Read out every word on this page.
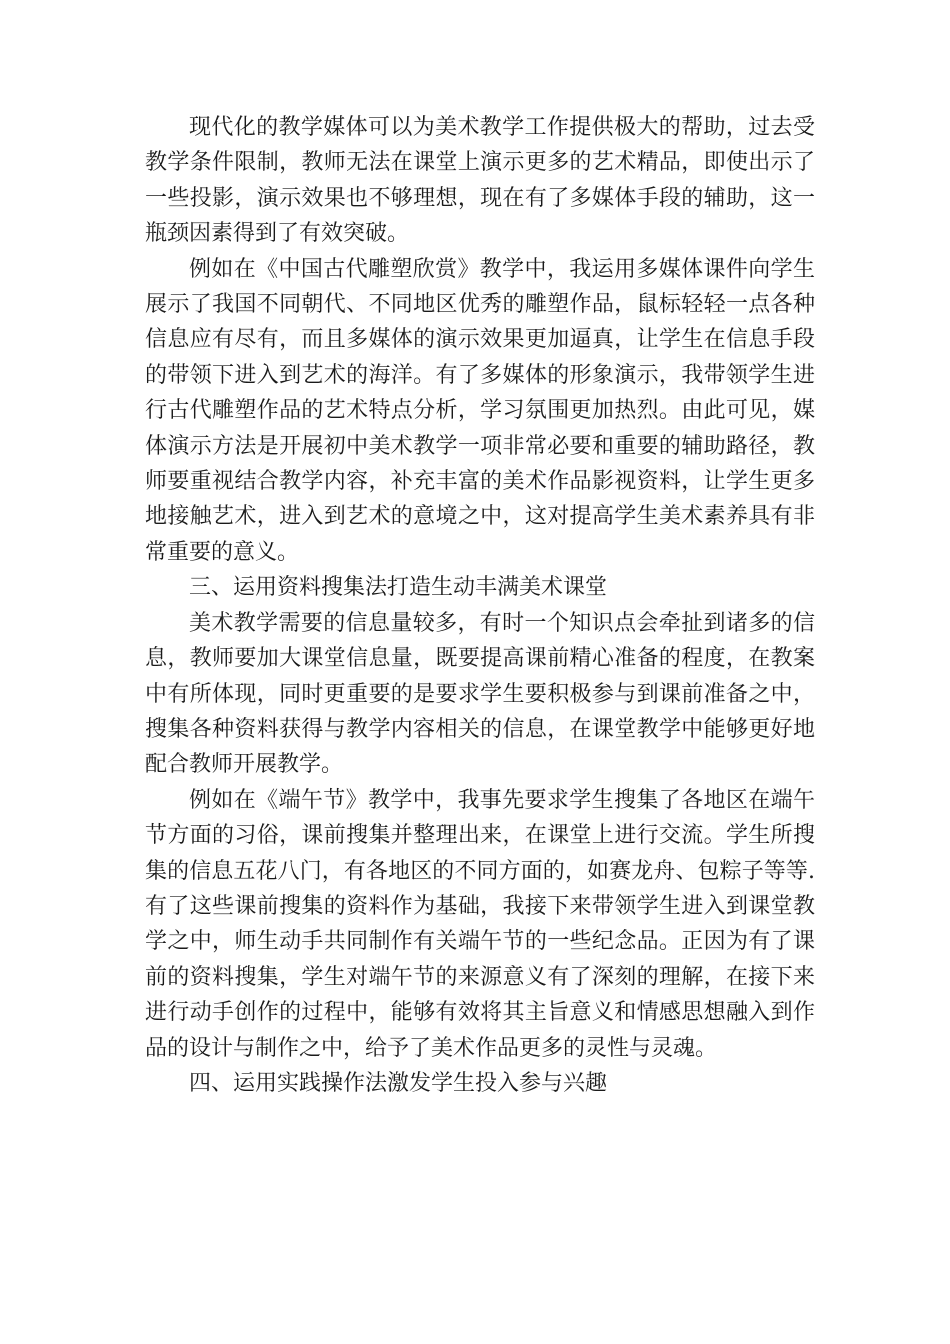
现代化的教学媒体可以为美术教学工作提供极大的帮助，过去受教学条件限制，教师无法在课堂上演示更多的艺术精品，即使出示了一些投影，演示效果也不够理想，现在有了多媒体手段的辅助，这一瓶颈因素得到了有效突破。

例如在《中国古代雕塑欣赏》教学中，我运用多媒体课件向学生展示了我国不同朝代、不同地区优秀的雕塑作品，鼠标轻轻一点各种信息应有尽有，而且多媒体的演示效果更加逼真，让学生在信息手段的带领下进入到艺术的海洋。有了多媒体的形象演示，我带领学生进行古代雕塑作品的艺术特点分析，学习氛围更加热烈。由此可见，媒体演示方法是开展初中美术教学一项非常必要和重要的辅助路径，教师要重视结合教学内容，补充丰富的美术作品影视资料，让学生更多地接触艺术，进入到艺术的意境之中，这对提高学生美术素养具有非常重要的意义。

三、运用资料搜集法打造生动丰满美术课堂

美术教学需要的信息量较多，有时一个知识点会牵扯到诸多的信息，教师要加大课堂信息量，既要提高课前精心准备的程度，在教案中有所体现，同时更重要的是要求学生要积极参与到课前准备之中，搜集各种资料获得与教学内容相关的信息，在课堂教学中能够更好地配合教师开展教学。

例如在《端午节》教学中，我事先要求学生搜集了各地区在端午节方面的习俗，课前搜集并整理出来，在课堂上进行交流。学生所搜集的信息五花八门，有各地区的不同方面的，如赛龙舟、包粽子等等.有了这些课前搜集的资料作为基础，我接下来带领学生进入到课堂教学之中，师生动手共同制作有关端午节的一些纪念品。正因为有了课前的资料搜集，学生对端午节的来源意义有了深刻的理解，在接下来进行动手创作的过程中，能够有效将其主旨意义和情感思想融入到作品的设计与制作之中，给予了美术作品更多的灵性与灵魂。

四、运用实践操作法激发学生投入参与兴趣
